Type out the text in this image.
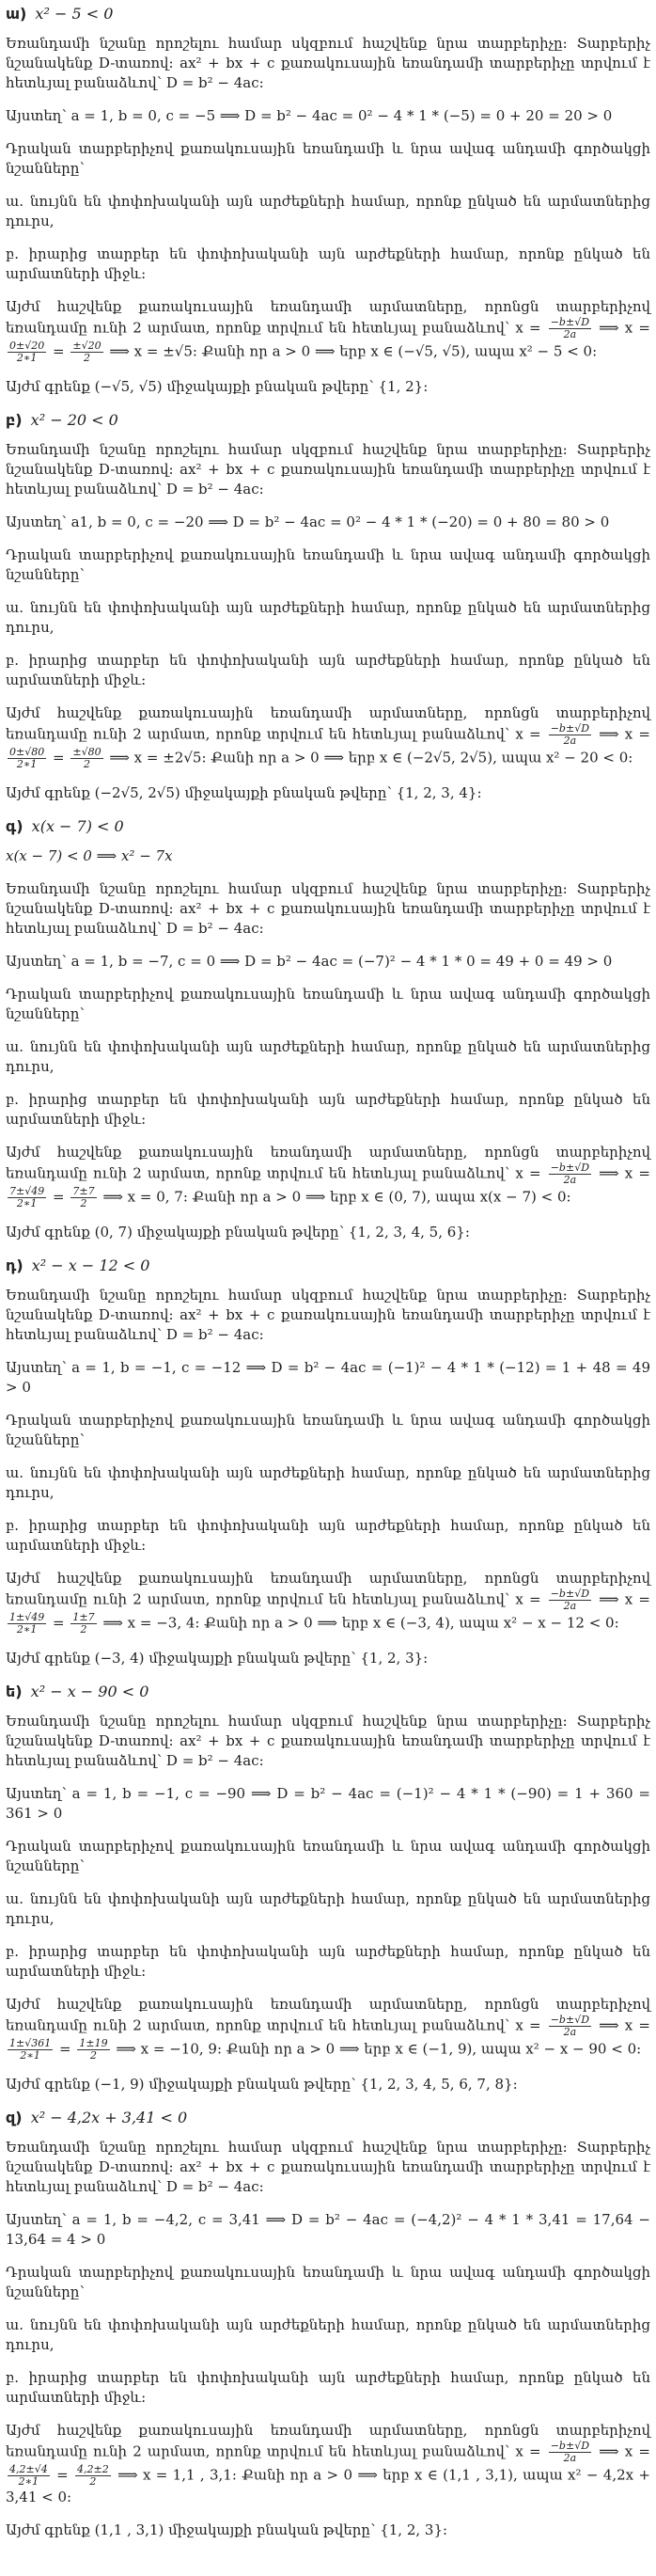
ա) x² − 5 < 0
Եռանդամի նշանը որոշելու համար սկզբում հաշվենք նրա տարբերիչը: Տարբերիչ նշանակենք D-տառով: ax² + bx + c քառակուսային եռանդամի տարբերիչը տրվում է հետևյալ բանաձևով՝ D = b² − 4ac:
Այստեղ՝ a = 1, b = 0, c = −5 ⟹ D = b² − 4ac = 0² − 4 * 1 * (−5) = 0 + 20 = 20 > 0
Դրական տարբերիչով քառակուսային եռանդամի և նրա ավագ անդամի գործակցի նշանները՝
ա. նույնն են փոփոխականի այն արժեքների համար, որոնք ընկած են արմատներից դուրս,
բ. իրարից տարբեր են փոփոխականի այն արժեքների համար, որոնք ընկած են արմատների միջև:
Այժմ հաշվենք քառակուսային եռանդամի արմատները, որոնցն տարբերիչով եռանդամը ունի 2 արմատ, որոնք տրվում են հետևյալ բանաձևով՝ $x = \frac{-b\pm√D}{2a}$ ⟹ x =
$\frac{0\pm√20}{2∗1} = \frac{\pm√20}{2}$ ⟹ x = ±√5: Քանի որ a > 0 ⟹ երբ x ∈ (−√5, √5), ապա x² − 5 < 0:
Այժմ գրենք (−√5, √5) միջակայքի բնական թվերը՝ {1, 2}:
բ) x² − 20 < 0
Եռանդամի նշանը որոշելու համար սկզբում հաշվենք նրա տարբերիչը: Տարբերիչ նշանակենք D-տառով: ax² + bx + c քառակուսային եռանդամի տարբերիչը տրվում է հետևյալ բանաձևով՝ D = b² − 4ac:
Այստեղ՝ a1, b = 0, c = −20 ⟹ D = b² − 4ac = 0² − 4 * 1 * (−20) = 0 + 80 = 80 > 0
Դրական տարբերիչով քառակուսային եռանդամի և նրա ավագ անդամի գործակցի նշանները՝
ա. նույնն են փոփոխականի այն արժեքների համար, որոնք ընկած են արմատներից դուրս,
բ. իրարից տարբեր են փոփոխականի այն արժեքների համար, որոնք ընկած են արմատների միջև:
Այժմ հաշվենք քառակուսային եռանդամի արմատները, որոնցն տարբերիչով եռանդամը ունի 2 արմատ, որոնք տրվում են հետևյալ բանաձևով՝ $x = \frac{-b\pm√D}{2a}$ ⟹ x =
$\frac{0\pm√80}{2∗1} = \frac{\pm√80}{2}$ ⟹ x = ±2√5: Քանի որ a > 0 ⟹ երբ x ∈ (−2√5, 2√5), ապա x² − 20 < 0:
Այժմ գրենք (−2√5, 2√5) միջակայքի բնական թվերը՝ {1, 2, 3, 4}:
գ) x(x − 7) < 0
x(x − 7) < 0 ⟹ x² − 7x
Եռանդամի նշանը որոշելու համար սկզբում հաշվենք նրա տարբերիչը: Տարբերիչ նշանակենք D-տառով: ax² + bx + c քառակուսային եռանդամի տարբերիչը տրվում է հետևյալ բանաձևով՝ D = b² − 4ac:
Այստեղ՝ a = 1, b = −7, c = 0 ⟹ D = b² − 4ac = (−7)² − 4 * 1 * 0 = 49 + 0 = 49 > 0
Դրական տարբերիչով քառակուսային եռանդամի և նրա ավագ անդամի գործակցի նշանները՝
ա. նույնն են փոփոխականի այն արժեքների համար, որոնք ընկած են արմատներից դուրս,
բ. իրարից տարբեր են փոփոխականի այն արժեքների համար, որոնք ընկած են արմատների միջև:
Այժմ հաշվենք քառակուսային եռանդամի արմատները, որոնցն տարբերիչով եռանդամը ունի 2 արմատ, որոնք տրվում են հետևյալ բանաձևով՝ $x = \frac{-b\pm√D}{2a}$ ⟹ x =
$\frac{7\pm√49}{2∗1} = \frac{7\pm 7}{2}$ ⟹ x = 0, 7: Քանի որ a > 0 ⟹ երբ x ∈ (0, 7), ապա x(x − 7) < 0:
Այժմ գրենք (0, 7) միջակայքի բնական թվերը՝ {1, 2, 3, 4, 5, 6}:
դ) x² − x − 12 < 0
Եռանդամի նշանը որոշելու համար սկզբում հաշվենք նրա տարբերիչը: Տարբերիչ նշանակենք D-տառով: ax² + bx + c քառակուսային եռանդամի տարբերիչը տրվում է հետևյալ բանաձևով՝ D = b² − 4ac:
Այստեղ՝ a = 1, b = −1, c = −12 ⟹ D = b² − 4ac = (−1)² − 4 * 1 * (−12) = 1 + 48 = 49 > 0
Դրական տարբերիչով քառակուսային եռանդամի և նրա ավագ անդամի գործակցի նշանները՝
ա. նույնն են փոփոխականի այն արժեքների համար, որոնք ընկած են արմատներից դուրս,
բ. իրարից տարբեր են փոփոխականի այն արժեքների համար, որոնք ընկած են արմատների միջև:
Այժմ հաշվենք քառակուսային եռանդամի արմատները, որոնցն տարբերիչով եռանդամը ունի 2 արմատ, որոնք տրվում են հետևյալ բանաձևով՝ $x = \frac{-b\pm√D}{2a}$ ⟹ x =
$\frac{1\pm√49}{2∗1} = \frac{1\pm 7}{2}$ ⟹ x = −3, 4: Քանի որ a > 0 ⟹ երբ x ∈ (−3, 4), ապա x² − x − 12 < 0:
Այժմ գրենք (−3, 4) միջակայքի բնական թվերը՝ {1, 2, 3}:
ե) x² − x − 90 < 0
Եռանդամի նշանը որոշելու համար սկզբում հաշվենք նրա տարբերիչը: Տարբերիչ նշանակենք D-տառով: ax² + bx + c քառակուսային եռանդամի տարբերիչը տրվում է հետևյալ բանաձևով՝ D = b² − 4ac:
Այստեղ՝ a = 1, b = −1, c = −90 ⟹ D = b² − 4ac = (−1)² − 4 * 1 * (−90) = 1 + 360 = 361 > 0
Դրական տարբերիչով քառակուսային եռանդամի և նրա ավագ անդամի գործակցի նշանները՝
ա. նույնն են փոփոխականի այն արժեքների համար, որոնք ընկած են արմատներից դուրս,
բ. իրարից տարբեր են փոփոխականի այն արժեքների համար, որոնք ընկած են արմատների միջև:
Այժմ հաշվենք քառակուսային եռանդամի արմատները, որոնցն տարբերիչով եռանդամը ունի 2 արմատ, որոնք տրվում են հետևյալ բանաձևով՝ $x = \frac{-b\pm√D}{2a}$ ⟹ x =
$\frac{1\pm√361}{2∗1} = \frac{1\pm 19}{2}$ ⟹ x = −10, 9: Քանի որ a > 0 ⟹ երբ x ∈ (−1, 9), ապա x² − x − 90 < 0:
Այժմ գրենք (−1, 9) միջակայքի բնական թվերը՝ {1, 2, 3, 4, 5, 6, 7, 8}:
զ) x² − 4,2x + 3,41 < 0
Եռանդամի նշանը որոշելու համար սկզբում հաշվենք նրա տարբերիչը: Տարբերիչ նշանակենք D-տառով: ax² + bx + c քառակուսային եռանդամի տարբերիչը տրվում է հետևյալ բանաձևով՝ D = b² − 4ac:
Այստեղ՝ a = 1, b = −4,2, c = 3,41 ⟹ D = b² − 4ac = (−4,2)² − 4 * 1 * 3,41 = 17,64 − 13,64 = 4 > 0
Դրական տարբերիչով քառակուսային եռանդամի և նրա ավագ անդամի գործակցի նշանները՝
ա. նույնն են փոփոխականի այն արժեքների համար, որոնք ընկած են արմատներից դուրս,
բ. իրարից տարբեր են փոփոխականի այն արժեքների համար, որոնք ընկած են արմատների միջև:
Այժմ հաշվենք քառակուսային եռանդամի արմատները, որոնցն տարբերիչով եռանդամը ունի 2 արմատ, որոնք տրվում են հետևյալ բանաձևով՝ $x = \frac{-b\pm√D}{2a}$ ⟹ x =
$\frac{4,2\pm√4}{2∗1} = \frac{4,2\pm 2}{2}$ ⟹ x = 1,1 , 3,1: Քանի որ a > 0 ⟹ երբ x ∈ (1,1 , 3,1), ապա x² − 4,2x + 3,41 < 0:
Այժմ գրենք (1,1 , 3,1) միջակայքի բնական թվերը՝ {1, 2, 3}:
